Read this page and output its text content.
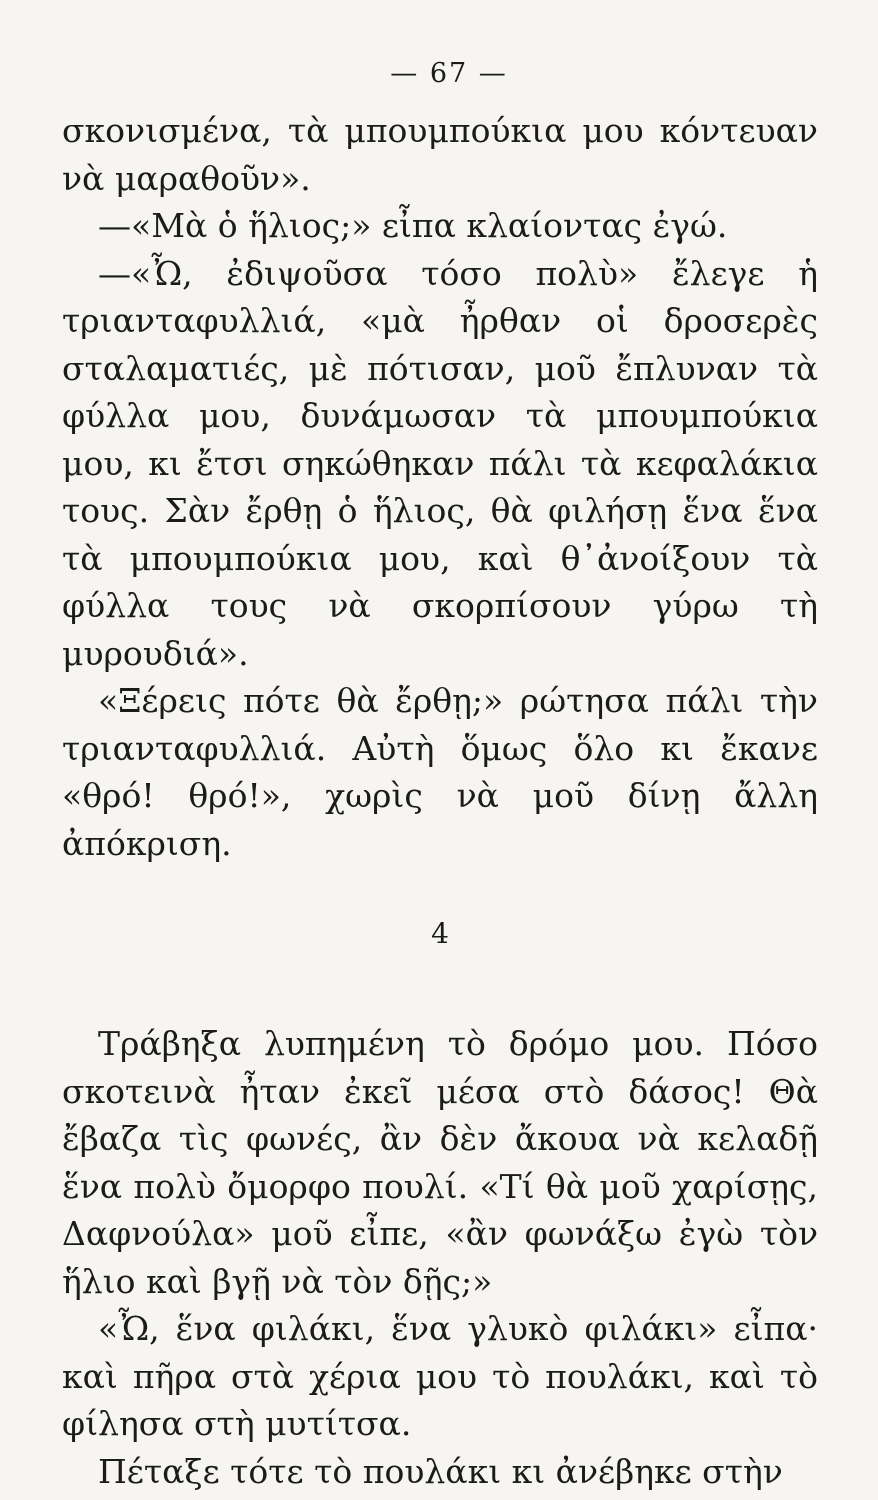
— 67 —

σκονισμένα, τὰ μπουμπούκια μου κόντευαν νὰ μαραθοῦν».

—«Μὰ ὁ ἥλιος;» εἶπα κλαίοντας ἐγώ.

—«Ὦ, ἐδιψοῦσα τόσο πολὺ» ἔλεγε ἡ τριανταφυλλιά, «μὰ ἦρθαν οἱ δροσερὲς σταλαματιές, μὲ πότισαν, μοῦ ἔπλυναν τὰ φύλλα μου, δυνάμωσαν τὰ μπουμπούκια μου, κι ἔτσι σηκώθηκαν πάλι τὰ κεφαλάκια τους. Σὰν ἔρθῃ ὁ ἥλιος, θὰ φιλήσῃ ἕνα ἕνα τὰ μπουμπούκια μου, καὶ θ᾽ἀνοίξουν τὰ φύλλα τους νὰ σκορπίσουν γύρω τὴ μυρουδιά».

«Ξέρεις πότε θὰ ἔρθῃ;» ρώτησα πάλι τὴν τριανταφυλλιά. Αὐτὴ ὅμως ὅλο κι ἔκανε «θρό! θρό!», χωρὶς νὰ μοῦ δίνῃ ἄλλη ἀπόκριση.

4

Τράβηξα λυπημένη τὸ δρόμο μου. Πόσο σκοτεινὰ ἦταν ἐκεῖ μέσα στὸ δάσος! Θὰ ἔβαζα τὶς φωνές, ἂν δὲν ἄκουα νὰ κελαδῇ ἕνα πολὺ ὄμορφο πουλί. «Τί θὰ μοῦ χαρίσῃς, Δαφνούλα» μοῦ εἶπε, «ἂν φωνάξω ἐγὼ τὸν ἥλιο καὶ βγῇ νὰ τὸν δῇς;»

«Ὦ, ἕνα φιλάκι, ἕνα γλυκὸ φιλάκι» εἶπα· καὶ πῆρα στὰ χέρια μου τὸ πουλάκι, καὶ τὸ φίλησα στὴ μυτίτσα.

Πέταξε τότε τὸ πουλάκι κι ἀνέβηκε στὴν
